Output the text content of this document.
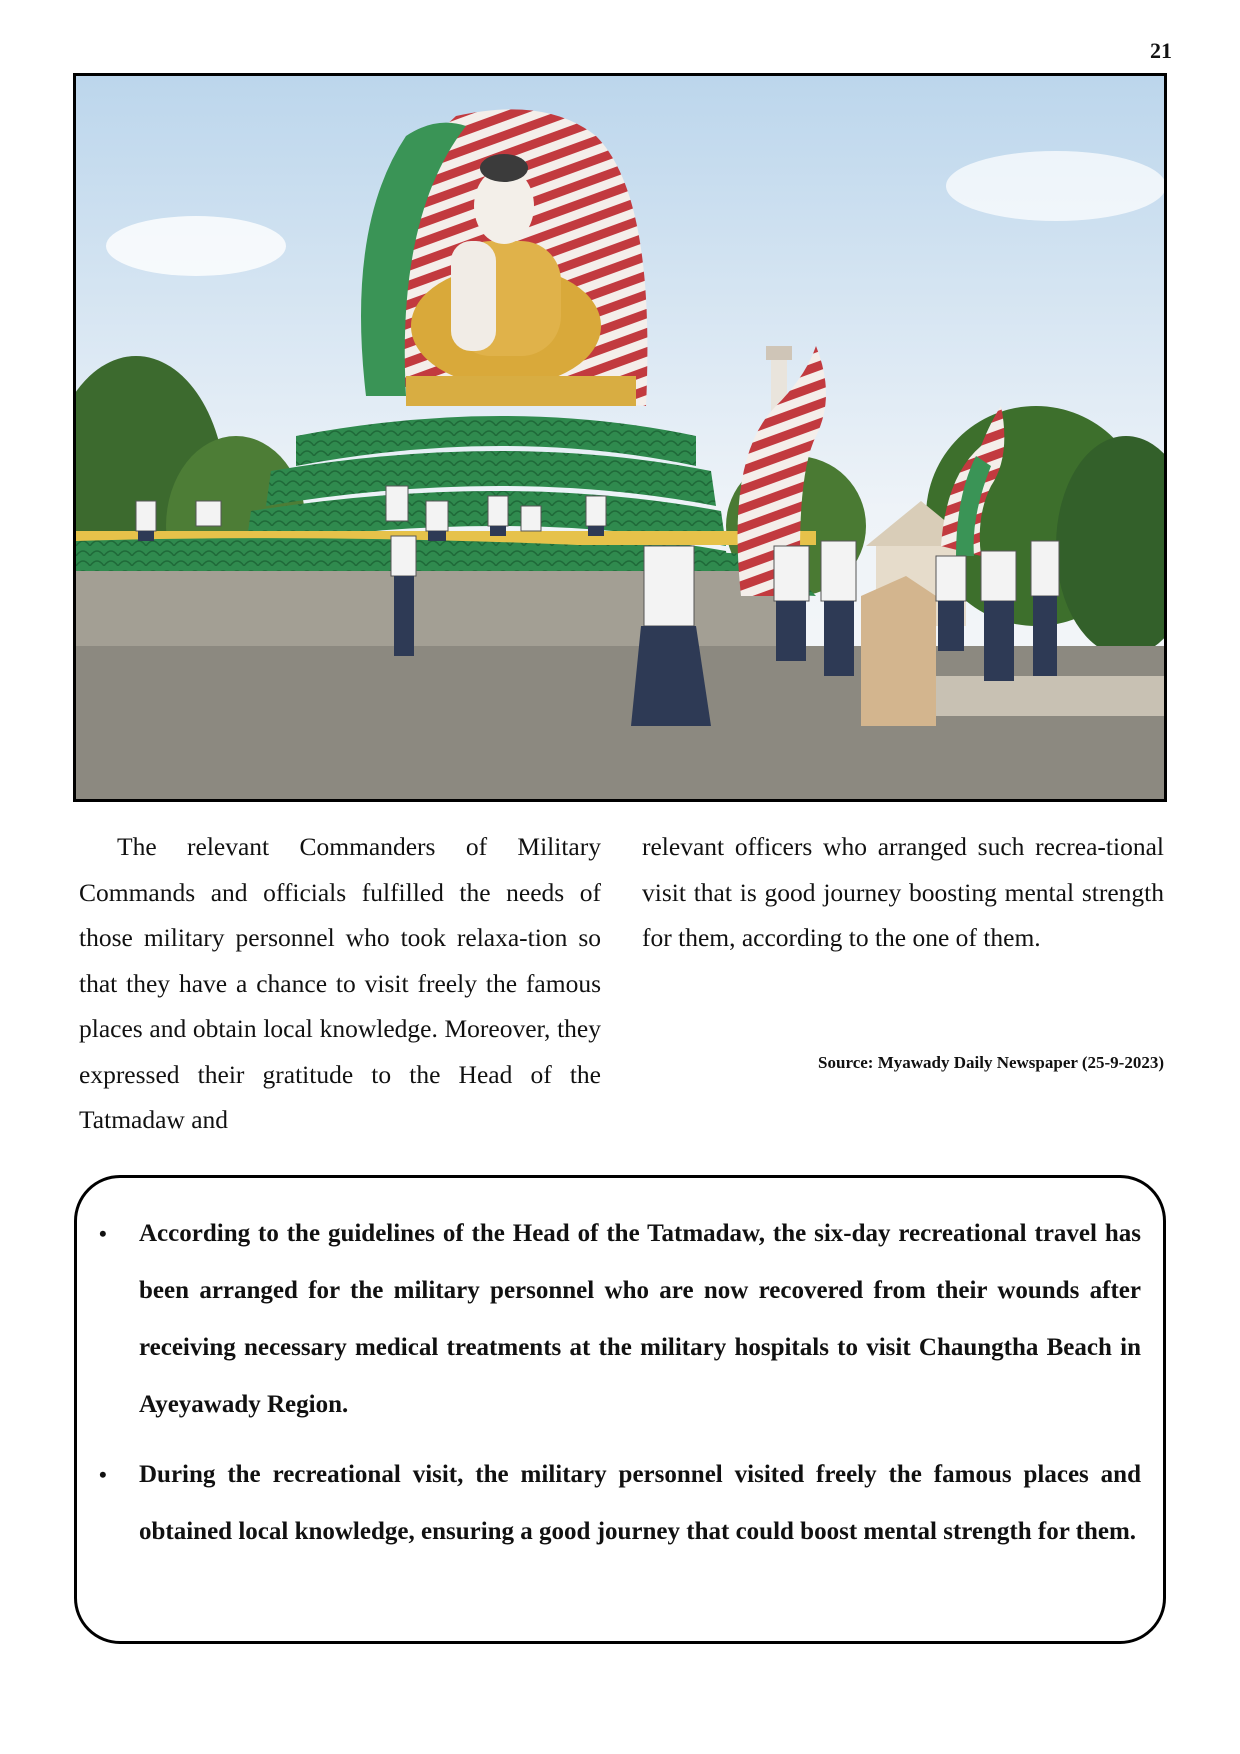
21

The relevant Commanders of Military Commands and officials fulfilled the needs of those military personnel who took relaxa-tion so that they have a chance to visit freely the famous places and obtain local knowledge. Moreover, they expressed their gratitude to the Head of the Tatmadaw and

relevant officers who arranged such recrea-tional visit that is good journey boosting mental strength for them, according to the one of them.

Source: Myawady Daily Newspaper (25-9-2023)
• According to the guidelines of the Head of the Tatmadaw, the six-day recreational travel has been arranged for the military personnel who are now recovered from their wounds after receiving necessary medical treatments at the military hospitals to visit Chaungtha Beach in Ayeyawady Region.
• During the recreational visit, the military personnel visited freely the famous places and obtained local knowledge, ensuring a good journey that could boost mental strength for them.
